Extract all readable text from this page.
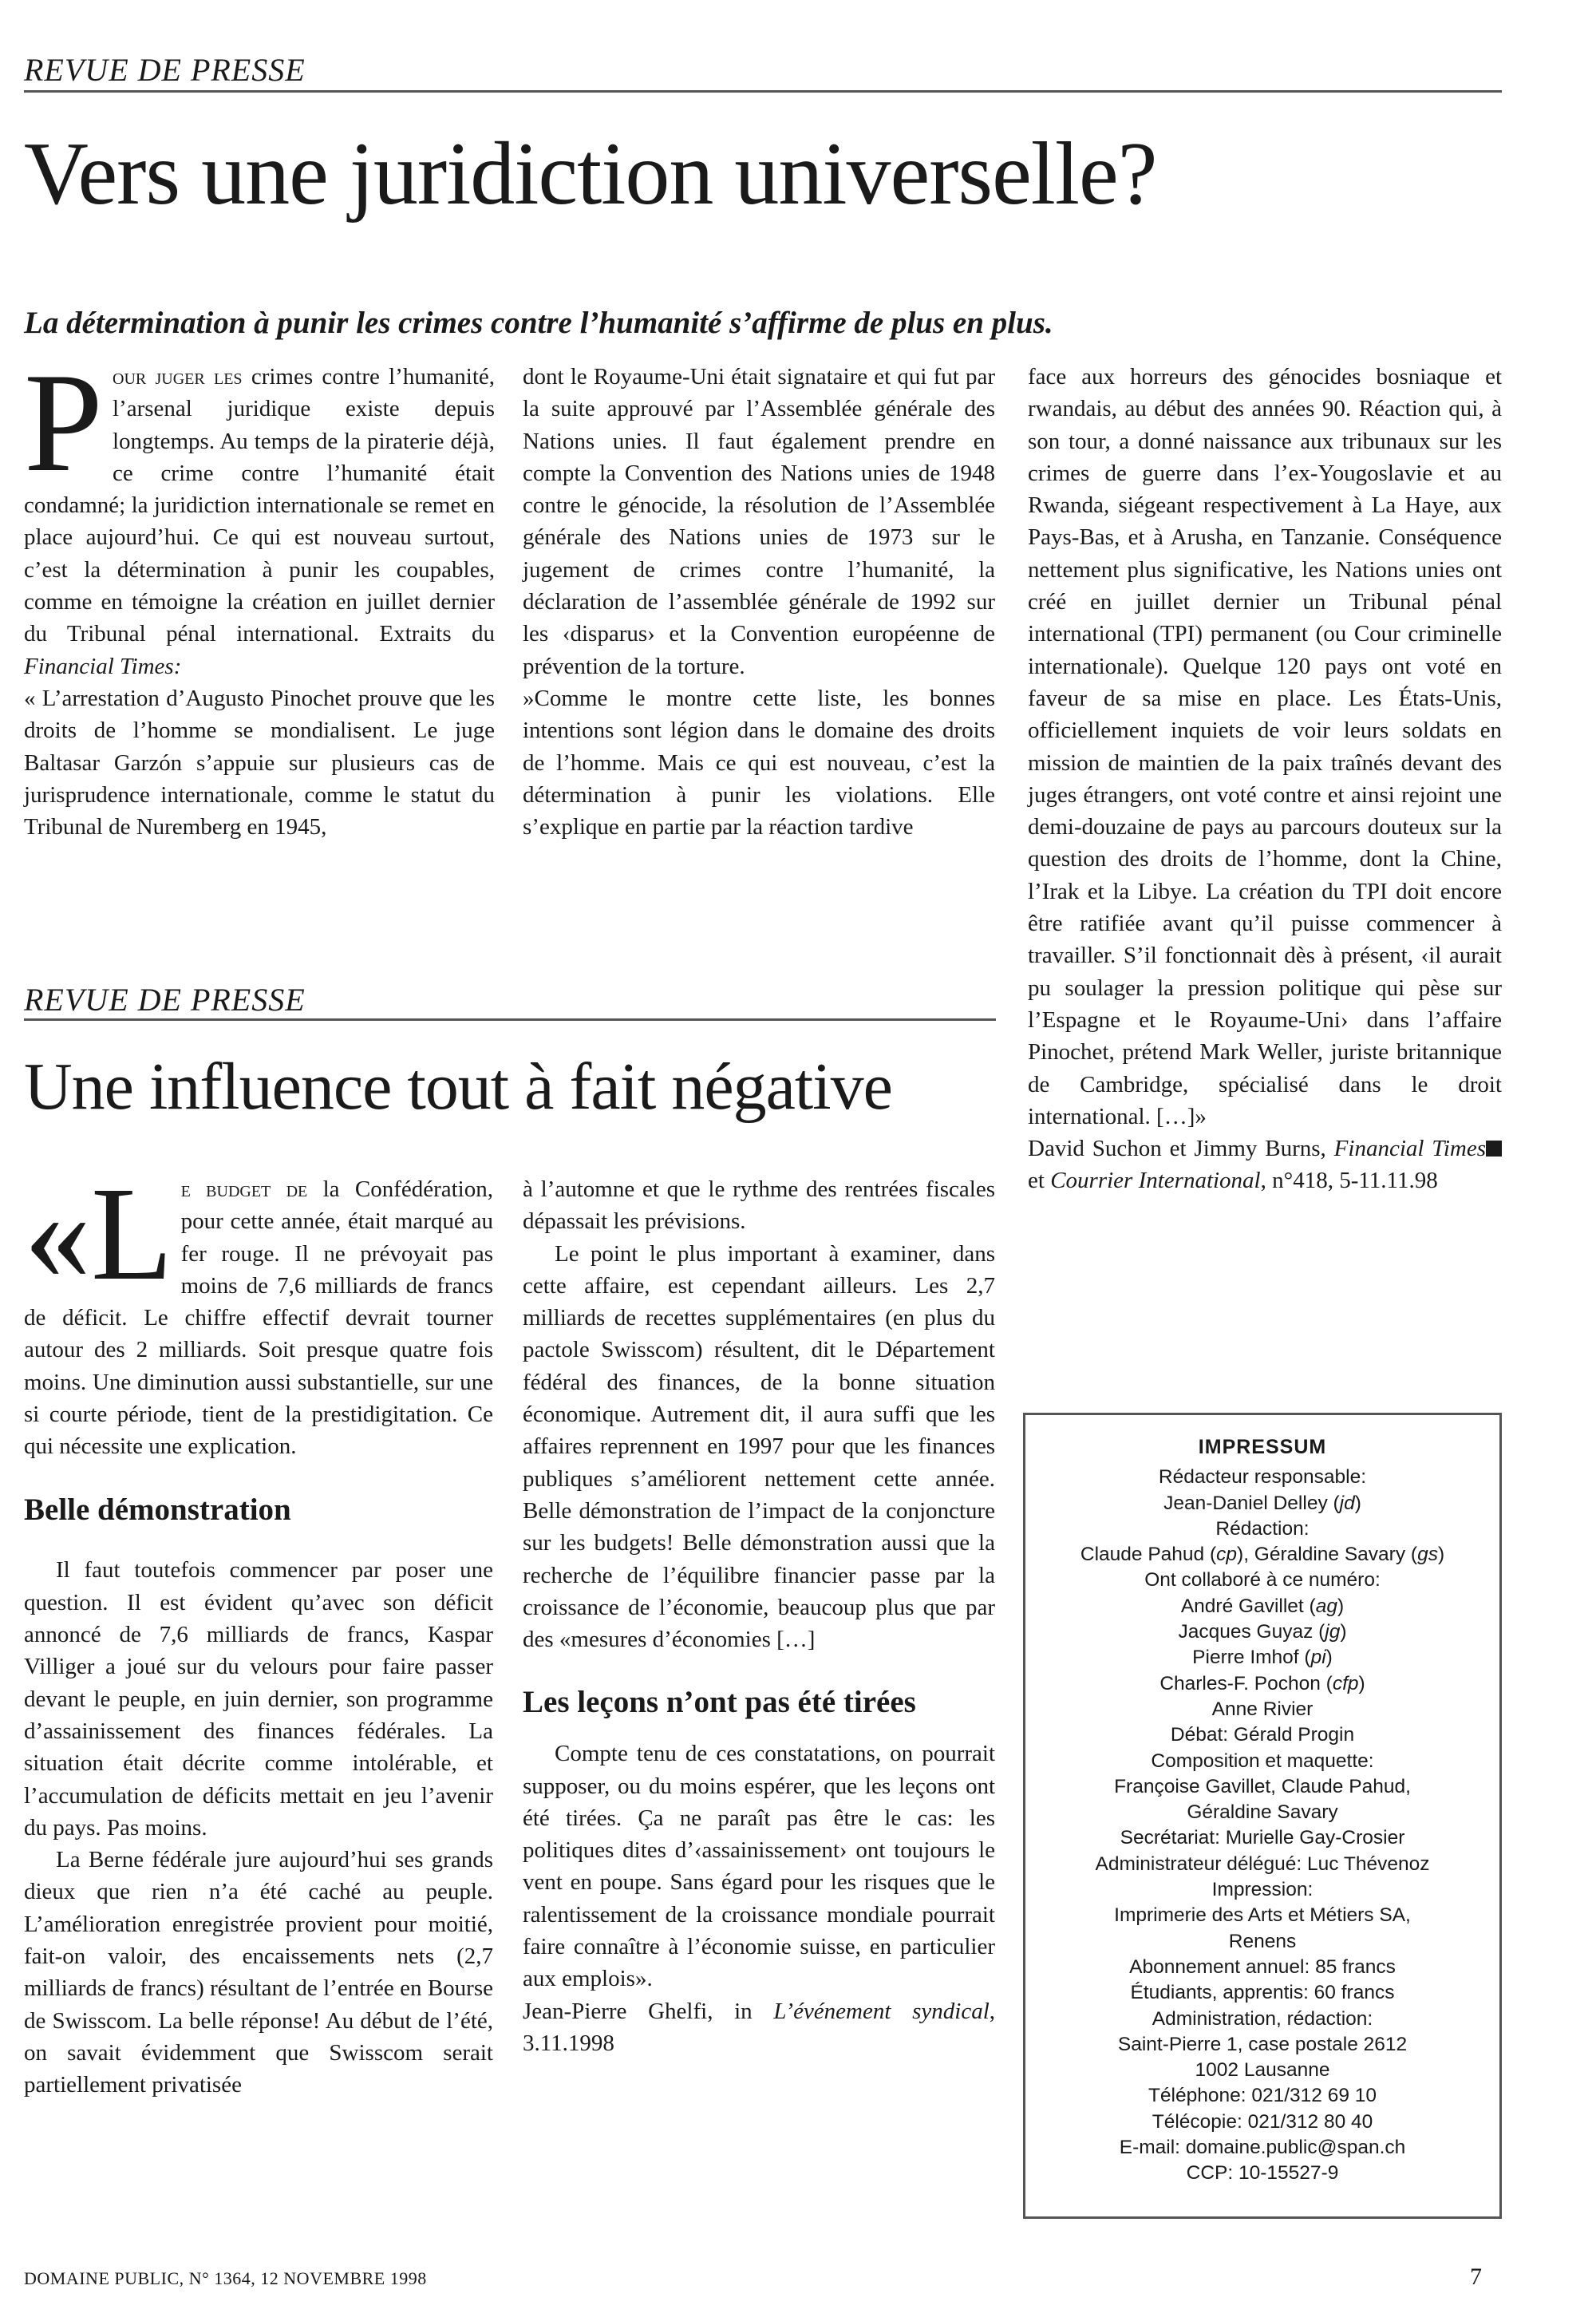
REVUE DE PRESSE
Vers une juridiction universelle?
La détermination à punir les crimes contre l’humanité s’affirme de plus en plus.

Pour juger les crimes contre l’humanité, l’arsenal juridique existe depuis longtemps. Au temps de la piraterie déjà, ce crime contre l’humanité était condamné; la juridiction internationale se remet en place aujourd’hui. Ce qui est nouveau surtout, c’est la détermination à punir les coupables, comme en témoigne la création en juillet dernier du Tribunal pénal international. Extraits du Financial Times:

« L’arrestation d’Augusto Pinochet prouve que les droits de l’homme se mondialisent. Le juge Baltasar Garzón s’appuie sur plusieurs cas de jurisprudence internationale, comme le statut du Tribunal de Nuremberg en 1945,

dont le Royaume-Uni était signataire et qui fut par la suite approuvé par l’Assemblée générale des Nations unies. Il faut également prendre en compte la Convention des Nations unies de 1948 contre le génocide, la résolution de l’Assemblée générale des Nations unies de 1973 sur le jugement de crimes contre l’humanité, la déclaration de l’assemblée générale de 1992 sur les ‹disparus› et la Convention européenne de prévention de la torture.

»Comme le montre cette liste, les bonnes intentions sont légion dans le domaine des droits de l’homme. Mais ce qui est nouveau, c’est la détermination à punir les violations. Elle s’explique en partie par la réaction tardive

face aux horreurs des génocides bosniaque et rwandais, au début des années 90. Réaction qui, à son tour, a donné naissance aux tribunaux sur les crimes de guerre dans l’ex-Yougoslavie et au Rwanda, siégeant respectivement à La Haye, aux Pays-Bas, et à Arusha, en Tanzanie. Conséquence nettement plus significative, les Nations unies ont créé en juillet dernier un Tribunal pénal international (TPI) permanent (ou Cour criminelle internationale). Quelque 120 pays ont voté en faveur de sa mise en place. Les États-Unis, officiellement inquiets de voir leurs soldats en mission de maintien de la paix traînés devant des juges étrangers, ont voté contre et ainsi rejoint une demi-douzaine de pays au parcours douteux sur la question des droits de l’homme, dont la Chine, l’Irak et la Libye. La création du TPI doit encore être ratifiée avant qu’il puisse commencer à travailler. S’il fonctionnait dès à présent, ‹il aurait pu soulager la pression politique qui pèse sur l’Espagne et le Royaume-Uni› dans l’affaire Pinochet, prétend Mark Weller, juriste britannique de Cambridge, spécialisé dans le droit international. […]»

David Suchon et Jimmy Burns, Financial Times et Courrier International, n°418, 5-11.11.98

REVUE DE PRESSE
Une influence tout à fait négative

«Le budget de la Confédération, pour cette année, était marqué au fer rouge. Il ne prévoyait pas moins de 7,6 milliards de francs de déficit. Le chiffre effectif devrait tourner autour des 2 milliards. Soit presque quatre fois moins. Une diminution aussi substantielle, sur une si courte période, tient de la prestidigitation. Ce qui nécessite une explication.

Belle démonstration

Il faut toutefois commencer par poser une question. Il est évident qu’avec son déficit annoncé de 7,6 milliards de francs, Kaspar Villiger a joué sur du velours pour faire passer devant le peuple, en juin dernier, son programme d’assainissement des finances fédérales. La situation était décrite comme intolérable, et l’accumulation de déficits mettait en jeu l’avenir du pays. Pas moins.

La Berne fédérale jure aujourd’hui ses grands dieux que rien n’a été caché au peuple. L’amélioration enregistrée provient pour moitié, fait-on valoir, des encaissements nets (2,7 milliards de francs) résultant de l’entrée en Bourse de Swisscom. La belle réponse! Au début de l’été, on savait évidemment que Swisscom serait partiellement privatisée

à l’automne et que le rythme des rentrées fiscales dépassait les prévisions.

Le point le plus important à examiner, dans cette affaire, est cependant ailleurs. Les 2,7 milliards de recettes supplémentaires (en plus du pactole Swisscom) résultent, dit le Département fédéral des finances, de la bonne situation économique. Autrement dit, il aura suffi que les affaires reprennent en 1997 pour que les finances publiques s’améliorent nettement cette année. Belle démonstration de l’impact de la conjoncture sur les budgets! Belle démonstration aussi que la recherche de l’équilibre financier passe par la croissance de l’économie, beaucoup plus que par des «mesures d’économies […]

Les leçons n’ont pas été tirées

Compte tenu de ces constatations, on pourrait supposer, ou du moins espérer, que les leçons ont été tirées. Ça ne paraît pas être le cas: les politiques dites d’‹assainissement› ont toujours le vent en poupe. Sans égard pour les risques que le ralentissement de la croissance mondiale pourrait faire connaître à l’économie suisse, en particulier aux emplois».

Jean-Pierre Ghelfi, in L’événement syndical, 3.11.1998

IMPRESSUM
Rédacteur responsable:
Jean-Daniel Delley (jd)
Rédaction:
Claude Pahud (cp), Géraldine Savary (gs)
Ont collaboré à ce numéro:
André Gavillet (ag)
Jacques Guyaz (jg)
Pierre Imhof (pi)
Charles-F. Pochon (cfp)
Anne Rivier
Débat: Gérald Progin
Composition et maquette:
Françoise Gavillet, Claude Pahud,
Géraldine Savary
Secrétariat: Murielle Gay-Crosier
Administrateur délégué: Luc Thévenoz
Impression:
Imprimerie des Arts et Métiers SA,
Renens
Abonnement annuel: 85 francs
Étudiants, apprentis: 60 francs
Administration, rédaction:
Saint-Pierre 1, case postale 2612
1002 Lausanne
Téléphone: 021/312 69 10
Télécopie: 021/312 80 40
E-mail: domaine.public@span.ch
CCP: 10-15527-9
DOMAINE PUBLIC, N° 1364, 12 NOVEMBRE 1998	7
